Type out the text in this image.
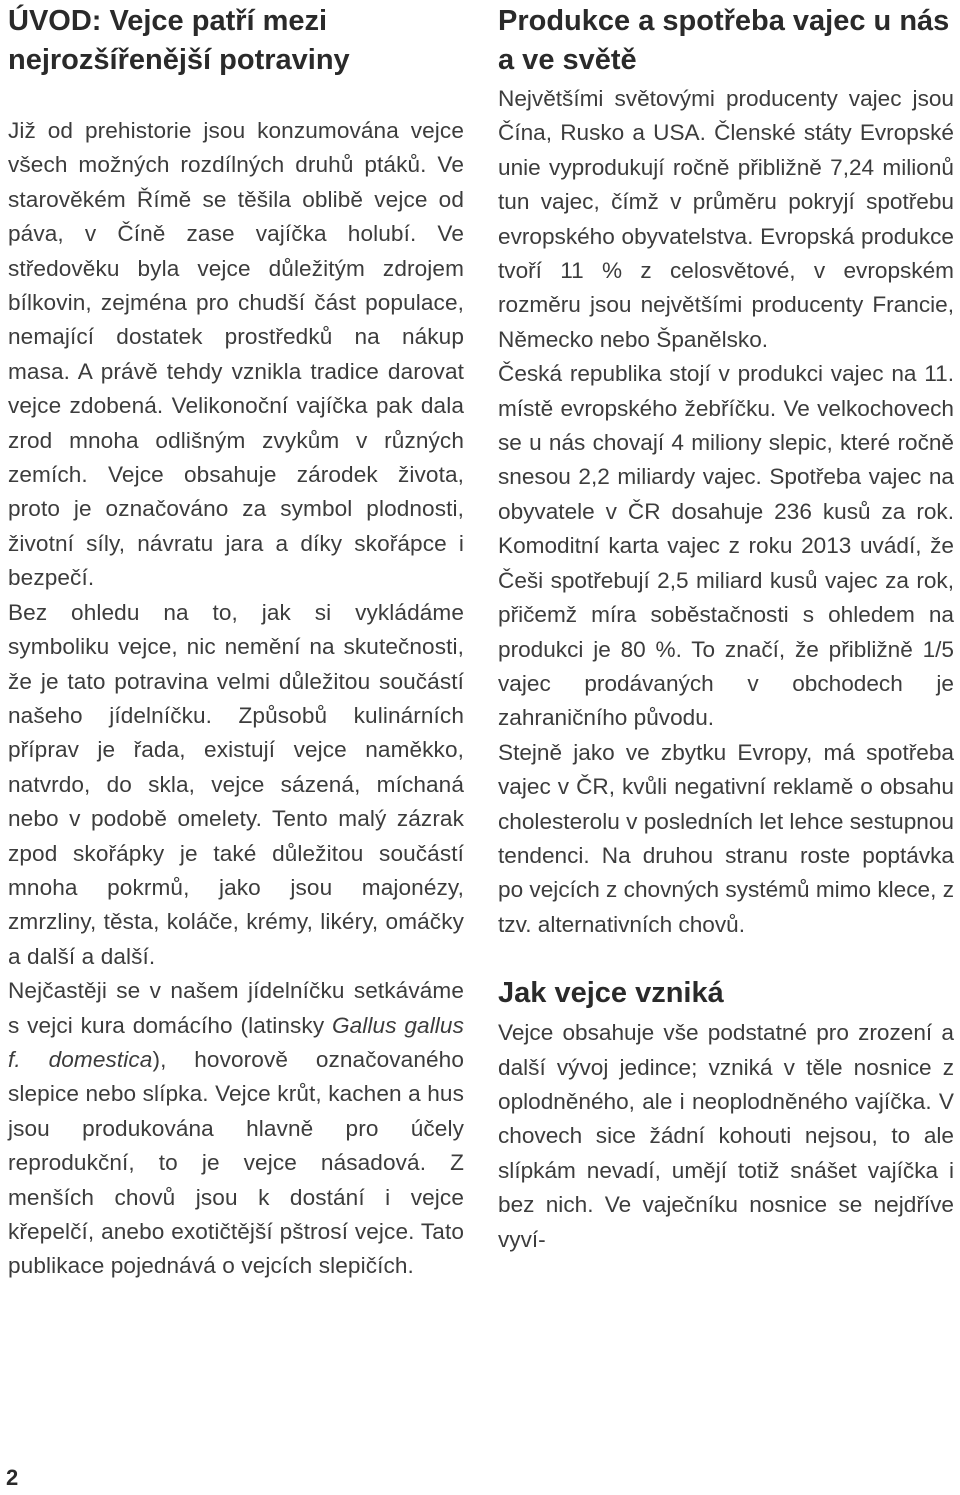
ÚVOD: Vejce patří mezi nejrozšířenější potraviny

Již od prehistorie jsou konzumována vejce všech možných rozdílných druhů ptáků. Ve starověkém Římě se těšila oblibě vejce od páva, v Číně zase vajíčka holubí. Ve středověku byla vejce důležitým zdrojem bílkovin, zejména pro chudší část populace, nemající dostatek prostředků na nákup masa. A právě tehdy vznikla tradice darovat vejce zdobená. Velikonoční vajíčka pak dala zrod mnoha odlišným zvykům v různých zemích. Vejce obsahuje zárodek života, proto je označováno za symbol plodnosti, životní síly, návratu jara a díky skořápce i bezpečí.

Bez ohledu na to, jak si vykládáme symboliku vejce, nic nemění na skutečnosti, že je tato potravina velmi důležitou součástí našeho jídelníčku. Způsobů kulinárních příprav je řada, existují vejce naměkko, natvrdo, do skla, vejce sázená, míchaná nebo v podobě omelety. Tento malý zázrak zpod skořápky je také důležitou součástí mnoha pokrmů, jako jsou majonézy, zmrzliny, těsta, koláče, krémy, likéry, omáčky a další a další.

Nejčastěji se v našem jídelníčku setkáváme s vejci kura domácího (latinsky Gallus gallus f. domestica), hovorově označovaného slepice nebo slípka. Vejce krůt, kachen a hus jsou produkována hlavně pro účely reprodukční, to je vejce násadová. Z menších chovů jsou k dostání i vejce křepelčí, anebo exotičtější pštrosí vejce. Tato publikace pojednává o vejcích slepičích.

Produkce a spotřeba vajec u nás a ve světě

Největšími světovými producenty vajec jsou Čína, Rusko a USA. Členské státy Evropské unie vyprodukují ročně přibližně 7,24 milionů tun vajec, čímž v průměru pokryjí spotřebu evropského obyvatelstva. Evropská produkce tvoří 11 % z celosvětové, v evropském rozměru jsou největšími producenty Francie, Německo nebo Španělsko.

Česká republika stojí v produkci vajec na 11. místě evropského žebříčku. Ve velkochovech se u nás chovají 4 miliony slepic, které ročně snesou 2,2 miliardy vajec. Spotřeba vajec na obyvatele v ČR dosahuje 236 kusů za rok. Komoditní karta vajec z roku 2013 uvádí, že Češi spotřebují 2,5 miliard kusů vajec za rok, přičemž míra soběstačnosti s ohledem na produkci je 80 %. To značí, že přibližně 1/5 vajec prodávaných v obchodech je zahraničního původu.

Stejně jako ve zbytku Evropy, má spotřeba vajec v ČR, kvůli negativní reklamě o obsahu cholesterolu v posledních let lehce sestupnou tendenci. Na druhou stranu roste poptávka po vejcích z chovných systémů mimo klece, z tzv. alternativních chovů.

Jak vejce vzniká

Vejce obsahuje vše podstatné pro zrození a další vývoj jedince; vzniká v těle nosnice z oplodněného, ale i neoplodněného vajíčka. V chovech sice žádní kohouti nejsou, to ale slípkám nevadí, umějí totiž snášet vajíčka i bez nich. Ve vaječníku nosnice se nejdříve vyví-

2
